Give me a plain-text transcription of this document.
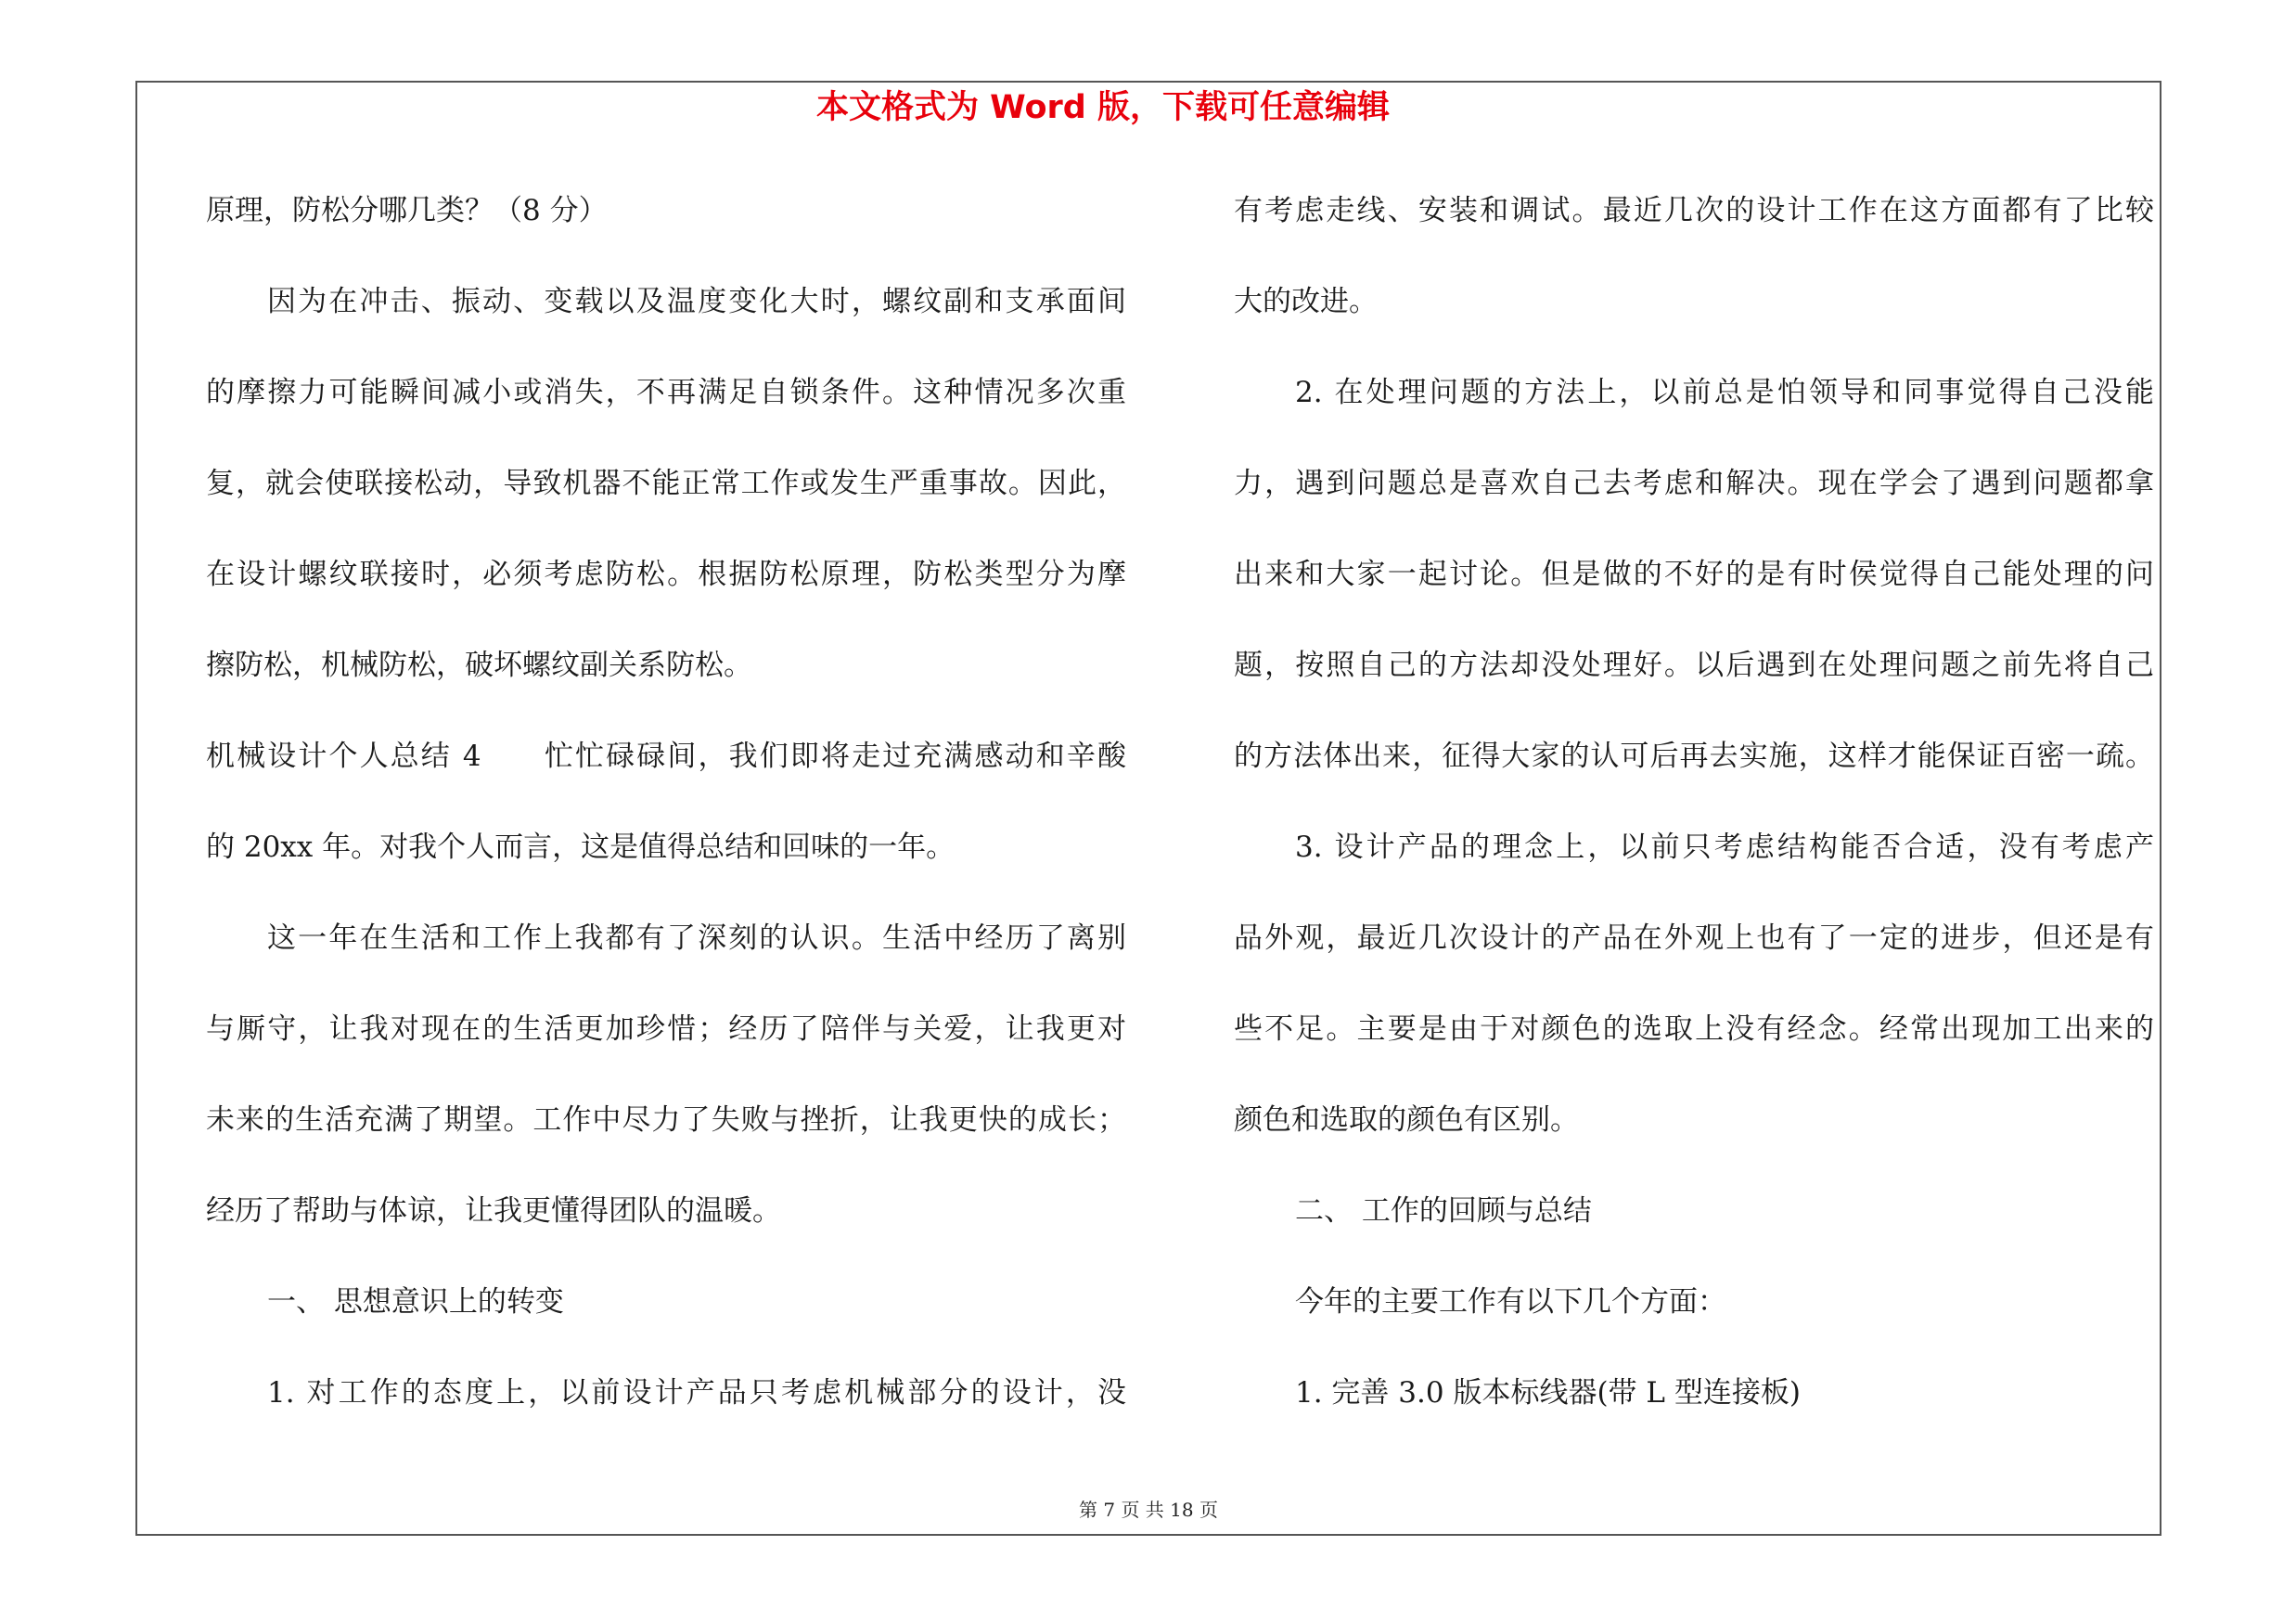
本文格式为 Word 版，下载可任意编辑
原理，防松分哪几类？（8 分）
因为在冲击、振动、变载以及温度变化大时，螺纹副和支承面间
的摩擦力可能瞬间减小或消失，不再满足自锁条件。这种情况多次重
复，就会使联接松动，导致机器不能正常工作或发生严重事故。因此，
在设计螺纹联接时，必须考虑防松。根据防松原理，防松类型分为摩
擦防松，机械防松，破坏螺纹副关系防松。
机械设计个人总结 4　　忙忙碌碌间，我们即将走过充满感动和辛酸
的 20xx 年。对我个人而言，这是值得总结和回味的一年。
这一年在生活和工作上我都有了深刻的认识。生活中经历了离别
与厮守，让我对现在的生活更加珍惜；经历了陪伴与关爱，让我更对
未来的生活充满了期望。工作中尽力了失败与挫折，让我更快的成长；
经历了帮助与体谅，让我更懂得团队的温暖。
一、 思想意识上的转变
1. 对工作的态度上，以前设计产品只考虑机械部分的设计，没
有考虑走线、安装和调试。最近几次的设计工作在这方面都有了比较
大的改进。
2. 在处理问题的方法上，以前总是怕领导和同事觉得自己没能
力，遇到问题总是喜欢自己去考虑和解决。现在学会了遇到问题都拿
出来和大家一起讨论。但是做的不好的是有时侯觉得自己能处理的问
题，按照自己的方法却没处理好。以后遇到在处理问题之前先将自己
的方法体出来，征得大家的认可后再去实施，这样才能保证百密一疏。
3. 设计产品的理念上，以前只考虑结构能否合适，没有考虑产
品外观，最近几次设计的产品在外观上也有了一定的进步，但还是有
些不足。主要是由于对颜色的选取上没有经念。经常出现加工出来的
颜色和选取的颜色有区别。
二、 工作的回顾与总结
今年的主要工作有以下几个方面：
1. 完善 3.0 版本标线器(带 L 型连接板)
第 7 页 共 18 页
